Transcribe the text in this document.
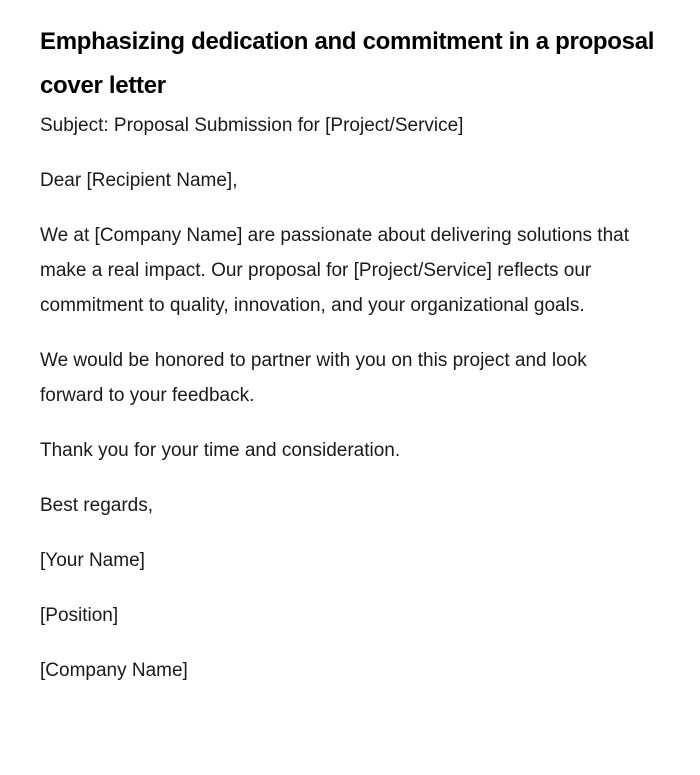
Emphasizing dedication and commitment in a proposal cover letter

Subject: Proposal Submission for [Project/Service]

Dear [Recipient Name],

We at [Company Name] are passionate about delivering solutions that make a real impact. Our proposal for [Project/Service] reflects our commitment to quality, innovation, and your organizational goals.

We would be honored to partner with you on this project and look forward to your feedback.

Thank you for your time and consideration.

Best regards,

[Your Name]

[Position]

[Company Name]
